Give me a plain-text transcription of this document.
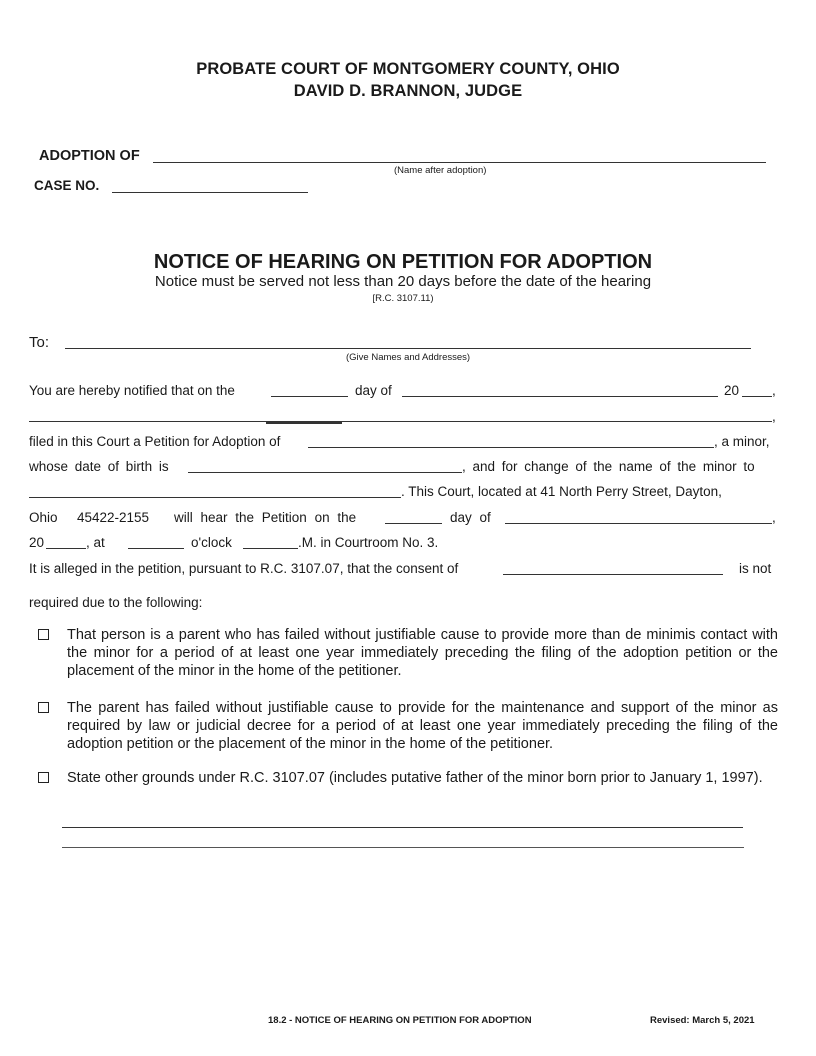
PROBATE COURT OF MONTGOMERY COUNTY, OHIO
DAVID D. BRANNON, JUDGE
ADOPTION OF
(Name after adoption)
CASE NO.
NOTICE OF HEARING ON PETITION FOR ADOPTION
Notice must be served not less than 20 days before the date of the hearing
[R.C. 3107.11)
To:
(Give Names and Addresses)
You are hereby notified that on the	day of	20 ,
,
filed in this Court a Petition for Adoption of	, a minor,
whose date of birth is	, and for change of the name of the minor to
. This Court, located at 41 North Perry Street, Dayton,
Ohio 45422-2155 will hear the Petition on the	day of	,
20	, at	o'clock	.M. in Courtroom No. 3.
It is alleged in the petition, pursuant to R.C. 3107.07, that the consent of	is not
required due to the following:
That person is a parent who has failed without justifiable cause to provide more than de minimis contact with the minor for a period of at least one year immediately preceding the filing of the adoption petition or the placement of the minor in the home of the petitioner.
The parent has failed without justifiable cause to provide for the maintenance and support of the minor as required by law or judicial decree for a period of at least one year immediately preceding the filing of the adoption petition or the placement of the minor in the home of the petitioner.
State other grounds under R.C. 3107.07 (includes putative father of the minor born prior to January 1, 1997).
18.2 - NOTICE OF HEARING ON PETITION FOR ADOPTION	Revised: March 5, 2021
